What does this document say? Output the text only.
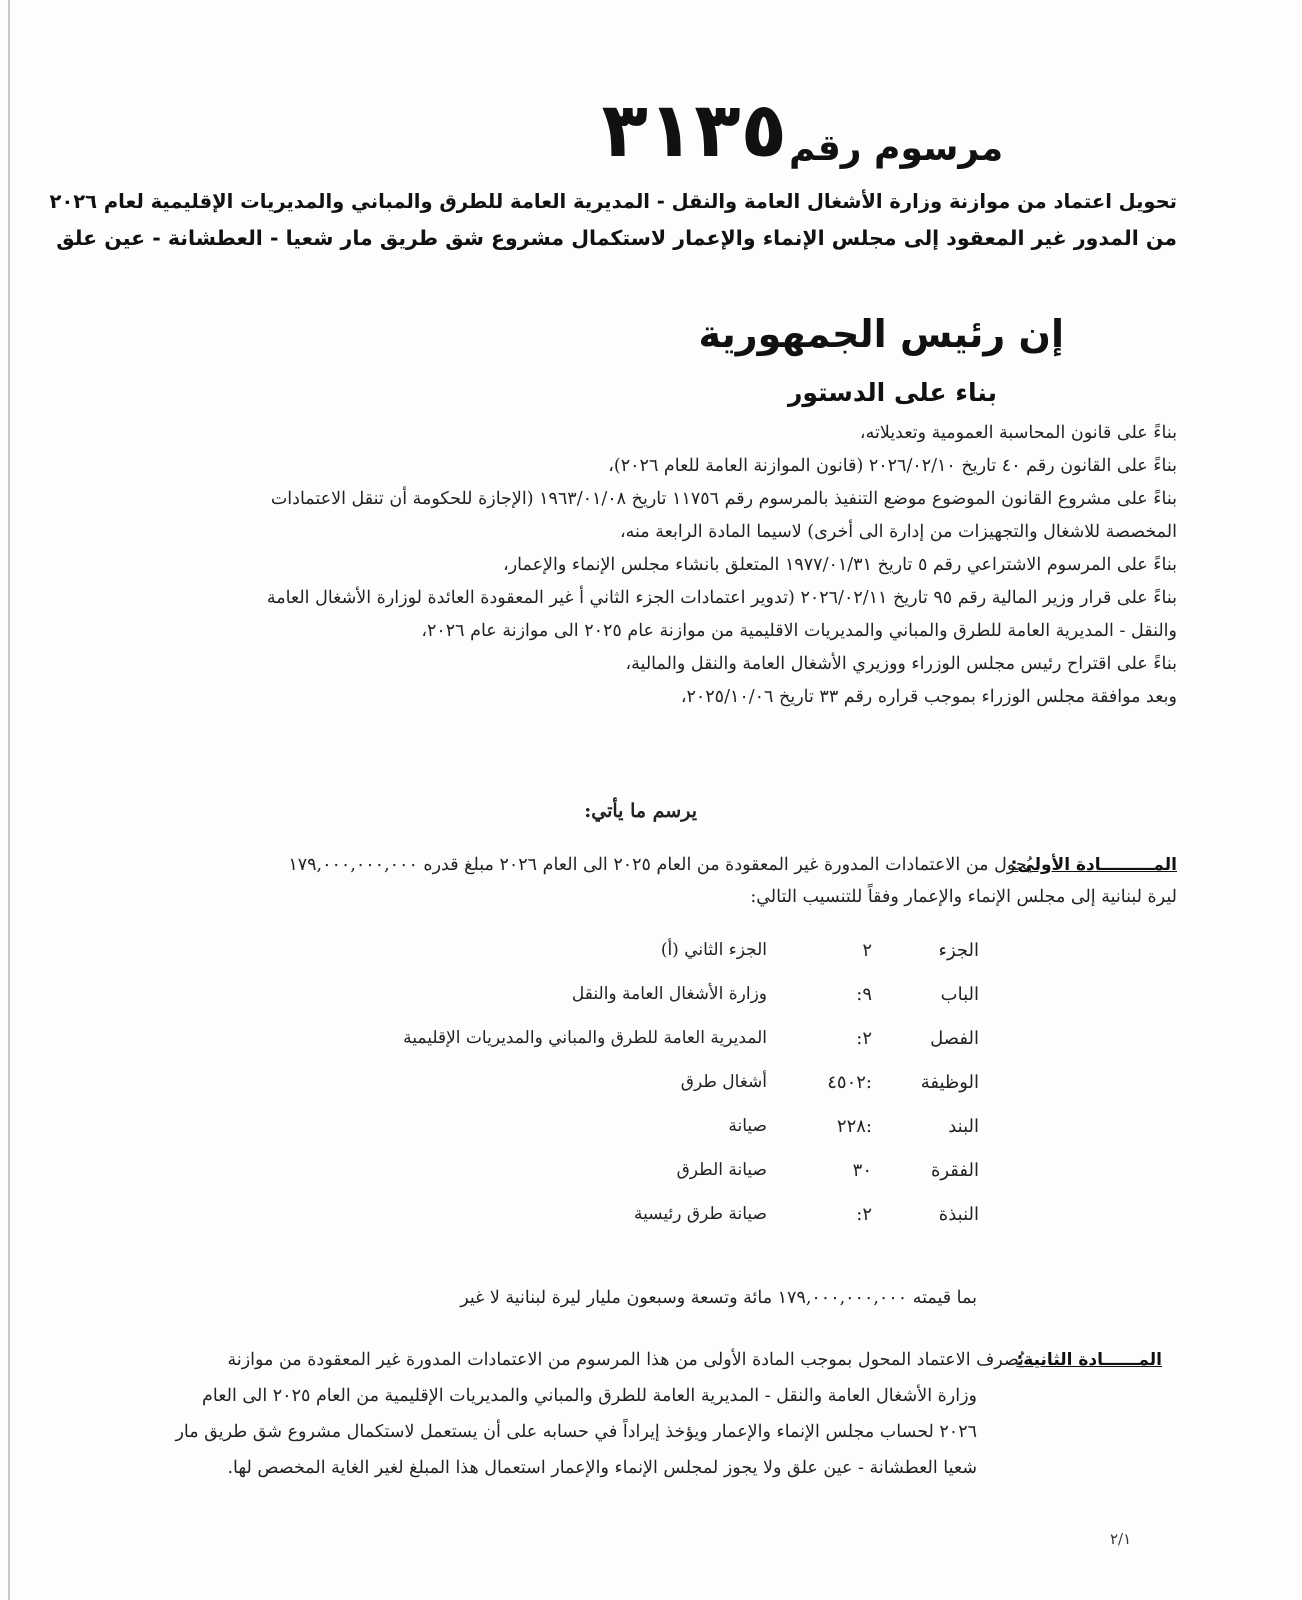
٣١٣٥ مرسوم رقم
تحويل اعتماد من موازنة وزارة الأشغال العامة والنقل - المديرية العامة للطرق والمباني والمديريات الإقليمية لعام ٢٠٢٦
من المدور غير المعقود إلى مجلس الإنماء والإعمار لاستكمال مشروع شق طريق مار شعيا - العطشانة - عين علق
إن رئيس الجمهورية
بناء على الدستور
بناءً على قانون المحاسبة العمومية وتعديلاته،
بناءً على القانون رقم ٤٠ تاريخ ٢٠٢٦/٠٢/١٠ (قانون الموازنة العامة للعام ٢٠٢٦)،
بناءً على مشروع القانون الموضوع موضع التنفيذ بالمرسوم رقم ١١٧٥٦ تاريخ ١٩٦٣/٠١/٠٨ (الإجازة للحكومة أن تنقل الاعتمادات
المخصصة للاشغال والتجهيزات من إدارة الى أخرى) لاسيما المادة الرابعة منه،
بناءً على المرسوم الاشتراعي رقم ٥ تاريخ ١٩٧٧/٠١/٣١ المتعلق بانشاء مجلس الإنماء والإعمار،
بناءً على قرار وزير المالية رقم ٩٥ تاريخ ٢٠٢٦/٠٢/١١ (تدوير اعتمادات الجزء الثاني أ غير المعقودة العائدة لوزارة الأشغال العامة
والنقل - المديرية العامة للطرق والمباني والمديريات الاقليمية من موازنة عام ٢٠٢٥ الى موازنة عام ٢٠٢٦،
بناءً على اقتراح رئيس مجلس الوزراء ووزيري الأشغال العامة والنقل والمالية،
وبعد موافقة مجلس الوزراء بموجب قراره رقم ٣٣ تاريخ ٢٠٢٥/١٠/٠٦،
يرسم ما يأتي:
المـــــــــادة الأولى:
يُحول من الاعتمادات المدورة غير المعقودة من العام ٢٠٢٥ الى العام ٢٠٢٦ مبلغ قدره ١٧٩,٠٠٠,٠٠٠,٠٠٠
ليرة لبنانية إلى مجلس الإنماء والإعمار وفقاً للتنسيب التالي:
الجزء
٢
الجزء الثاني (أ)
الباب
:٩
وزارة الأشغال العامة والنقل
الفصل
:٢
المديرية العامة للطرق والمباني والمديريات الإقليمية
الوظيفة
٤٥٠٢:
أشغال طرق
البند
٢٢٨:
صيانة
الفقرة
٣٠
صيانة الطرق
النبذة
:٢
صيانة طرق رئيسية
بما قيمته ١٧٩,٠٠٠,٠٠٠,٠٠٠ مائة وتسعة وسبعون مليار ليرة لبنانية لا غير
المــــــادة الثانية:
يُصرف الاعتماد المحول بموجب المادة الأولى من هذا المرسوم من الاعتمادات المدورة غير المعقودة من موازنة
وزارة الأشغال العامة والنقل - المديرية العامة للطرق والمباني والمديريات الإقليمية من العام ٢٠٢٥ الى العام
٢٠٢٦ لحساب مجلس الإنماء والإعمار ويؤخذ إيراداً في حسابه على أن يستعمل لاستكمال مشروع شق طريق مار
شعيا العطشانة - عين علق ولا يجوز لمجلس الإنماء والإعمار استعمال هذا المبلغ لغير الغاية المخصص لها.
٢/١
